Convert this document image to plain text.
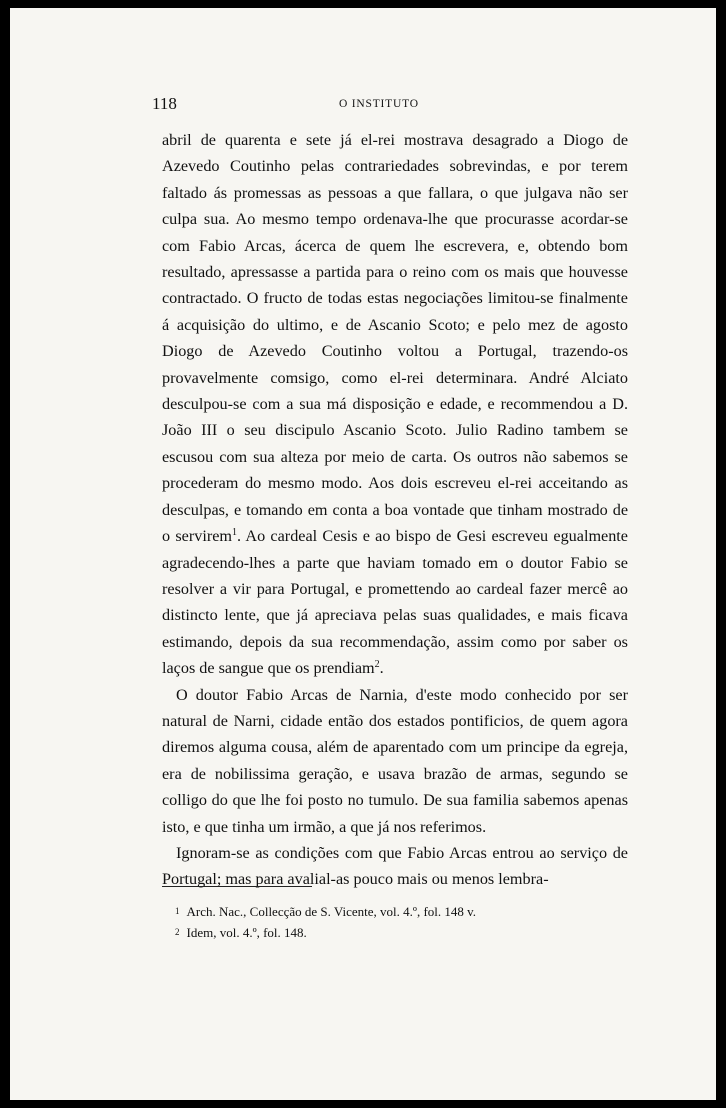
118	O INSTITUTO

abril de quarenta e sete já el-rei mostrava desagrado a Diogo de Azevedo Coutinho pelas contrariedades sobrevindas, e por terem faltado ás promessas as pessoas a que fallara, o que julgava não ser culpa sua. Ao mesmo tempo ordenava-lhe que procurasse acordar-se com Fabio Arcas, ácerca de quem lhe escrevera, e, obtendo bom resultado, apressasse a partida para o reino com os mais que houvesse contractado. O fructo de todas estas negociações limitou-se finalmente á acquisição do ultimo, e de Ascanio Scoto; e pelo mez de agosto Diogo de Azevedo Coutinho voltou a Portugal, trazendo-os provavelmente comsigo, como el-rei determinara. André Alciato desculpou-se com a sua má disposição e edade, e recommendou a D. João III o seu discipulo Ascanio Scoto. Julio Radino tambem se escusou com sua alteza por meio de carta. Os outros não sabemos se procederam do mesmo modo. Aos dois escreveu el-rei acceitando as desculpas, e tomando em conta a boa vontade que tinham mostrado de o servirem$^1$. Ao cardeal Cesis e ao bispo de Gesi escreveu egualmente agradecendo-lhes a parte que haviam tomado em o doutor Fabio se resolver a vir para Portugal, e promettendo ao cardeal fazer mercê ao distincto lente, que já apreciava pelas suas qualidades, e mais ficava estimando, depois da sua recommendação, assim como por saber os laços de sangue que os prendiam$^2$.

O doutor Fabio Arcas de Narnia, d'este modo conhecido por ser natural de Narni, cidade então dos estados pontificios, de quem agora diremos alguma cousa, além de aparentado com um principe da egreja, era de nobilissima geração, e usava brazão de armas, segundo se colligo do que lhe foi posto no tumulo. De sua familia sabemos apenas isto, e que tinha um irmão, a que já nos referimos.

Ignoram-se as condições com que Fabio Arcas entrou ao serviço de Portugal; mas para avalial-as pouco mais ou menos lembra-

1 Arch. Nac., Collecção de S. Vicente, vol. 4.º, fol. 148 v.
2 Idem, vol. 4.º, fol. 148.
